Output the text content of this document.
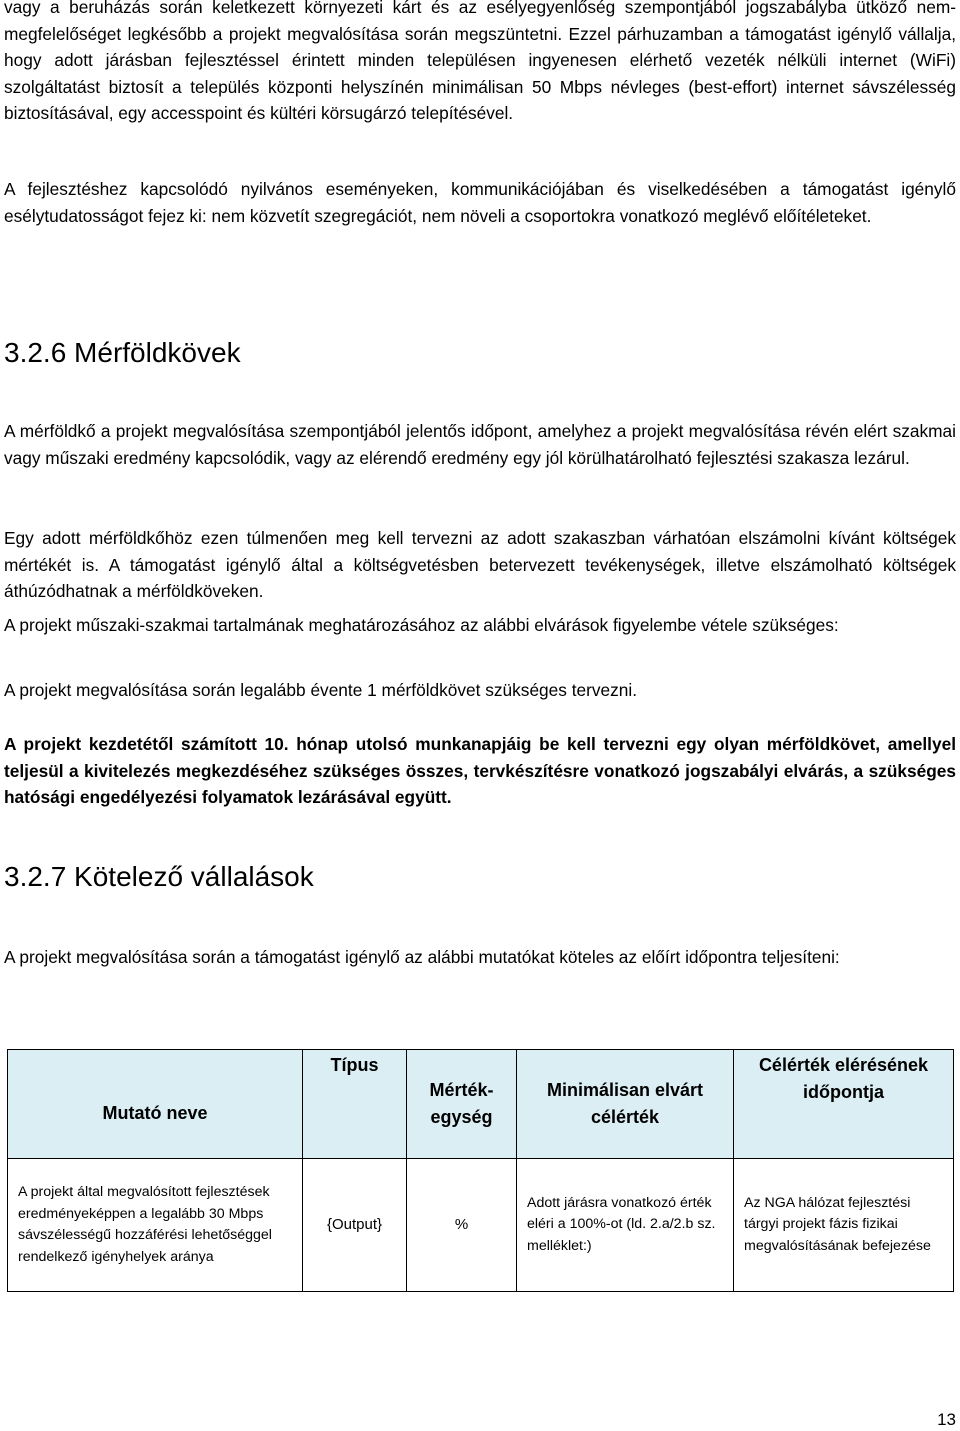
vagy a beruházás során keletkezett környezeti kárt és az esélyegyenlőség szempontjából jogszabályba ütköző nem-megfelelőséget legkésőbb a projekt megvalósítása során megszüntetni. Ezzel párhuzamban a támogatást igénylő vállalja, hogy adott járásban fejlesztéssel érintett minden településen ingyenesen elérhető vezeték nélküli internet (WiFi) szolgáltatást biztosít a település központi helyszínén minimálisan 50 Mbps névleges (best-effort) internet sávszélesség biztosításával, egy accesspoint és kültéri körsugárzó telepítésével.

A fejlesztéshez kapcsolódó nyilvános eseményeken, kommunikációjában és viselkedésében a támogatást igénylő esélytudatosságot fejez ki: nem közvetít szegregációt, nem növeli a csoportokra vonatkozó meglévő előítéleteket.

3.2.6 Mérföldkövek

A mérföldkő a projekt megvalósítása szempontjából jelentős időpont, amelyhez a projekt megvalósítása révén elért szakmai vagy műszaki eredmény kapcsolódik, vagy az elérendő eredmény egy jól körülhatárolható fejlesztési szakasza lezárul.

Egy adott mérföldkőhöz ezen túlmenően meg kell tervezni az adott szakaszban várhatóan elszámolni kívánt költségek mértékét is. A támogatást igénylő által a költségvetésben betervezett tevékenységek, illetve elszámolható költségek áthúzódhatnak a mérföldköveken.

A projekt műszaki-szakmai tartalmának meghatározásához az alábbi elvárások figyelembe vétele szükséges:

A projekt megvalósítása során legalább évente 1 mérföldkövet szükséges tervezni.

A projekt kezdetétől számított 10. hónap utolsó munkanapjáig be kell tervezni egy olyan mérföldkövet, amellyel teljesül a kivitelezés megkezdéséhez szükséges összes, tervkészítésre vonatkozó jogszabályi elvárás, a szükséges hatósági engedélyezési folyamatok lezárásával együtt.

3.2.7 Kötelező vállalások

A projekt megvalósítása során a támogatást igénylő az alábbi mutatókat köteles az előírt időpontra teljesíteni:

Mutató neve	Típus	Mérték-egység	Minimálisan elvárt célérték	Célérték elérésének időpontja
A projekt által megvalósított fejlesztések eredményeképpen a legalább 30 Mbps sávszélességű hozzáférési lehetőséggel rendelkező igényhelyek aránya	{Output}	%	Adott járásra vonatkozó érték eléri a 100%-ot (ld. 2.a/2.b sz. melléklet:)	Az NGA hálózat fejlesztési tárgyi projekt fázis fizikai megvalósításának befejezése
13
